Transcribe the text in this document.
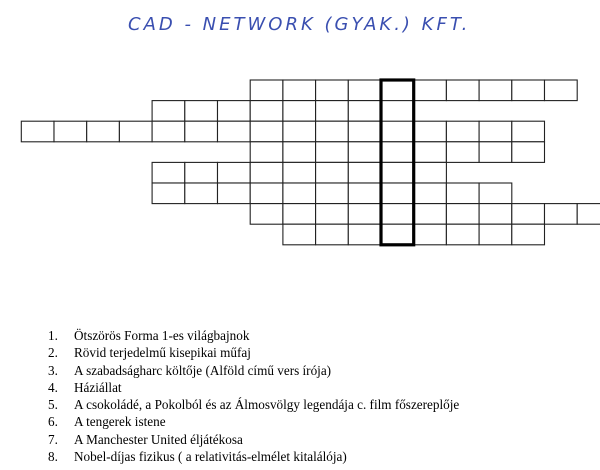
CAD - NETWORK (GYAK.) KFT.
1. Ötszörös Forma 1-es világbajnok
2. Rövid terjedelmű kisepikai műfaj
3. A szabadságharc költője (Alföld című vers írója)
4. Háziállat
5. A csokoládé, a Pokolból és az Álmosvölgy legendája c. film főszereplője
6. A tengerek istene
7. A Manchester United éljátékosa
8. Nobel-díjas fizikus ( a relativitás-elmélet kitalálója)
